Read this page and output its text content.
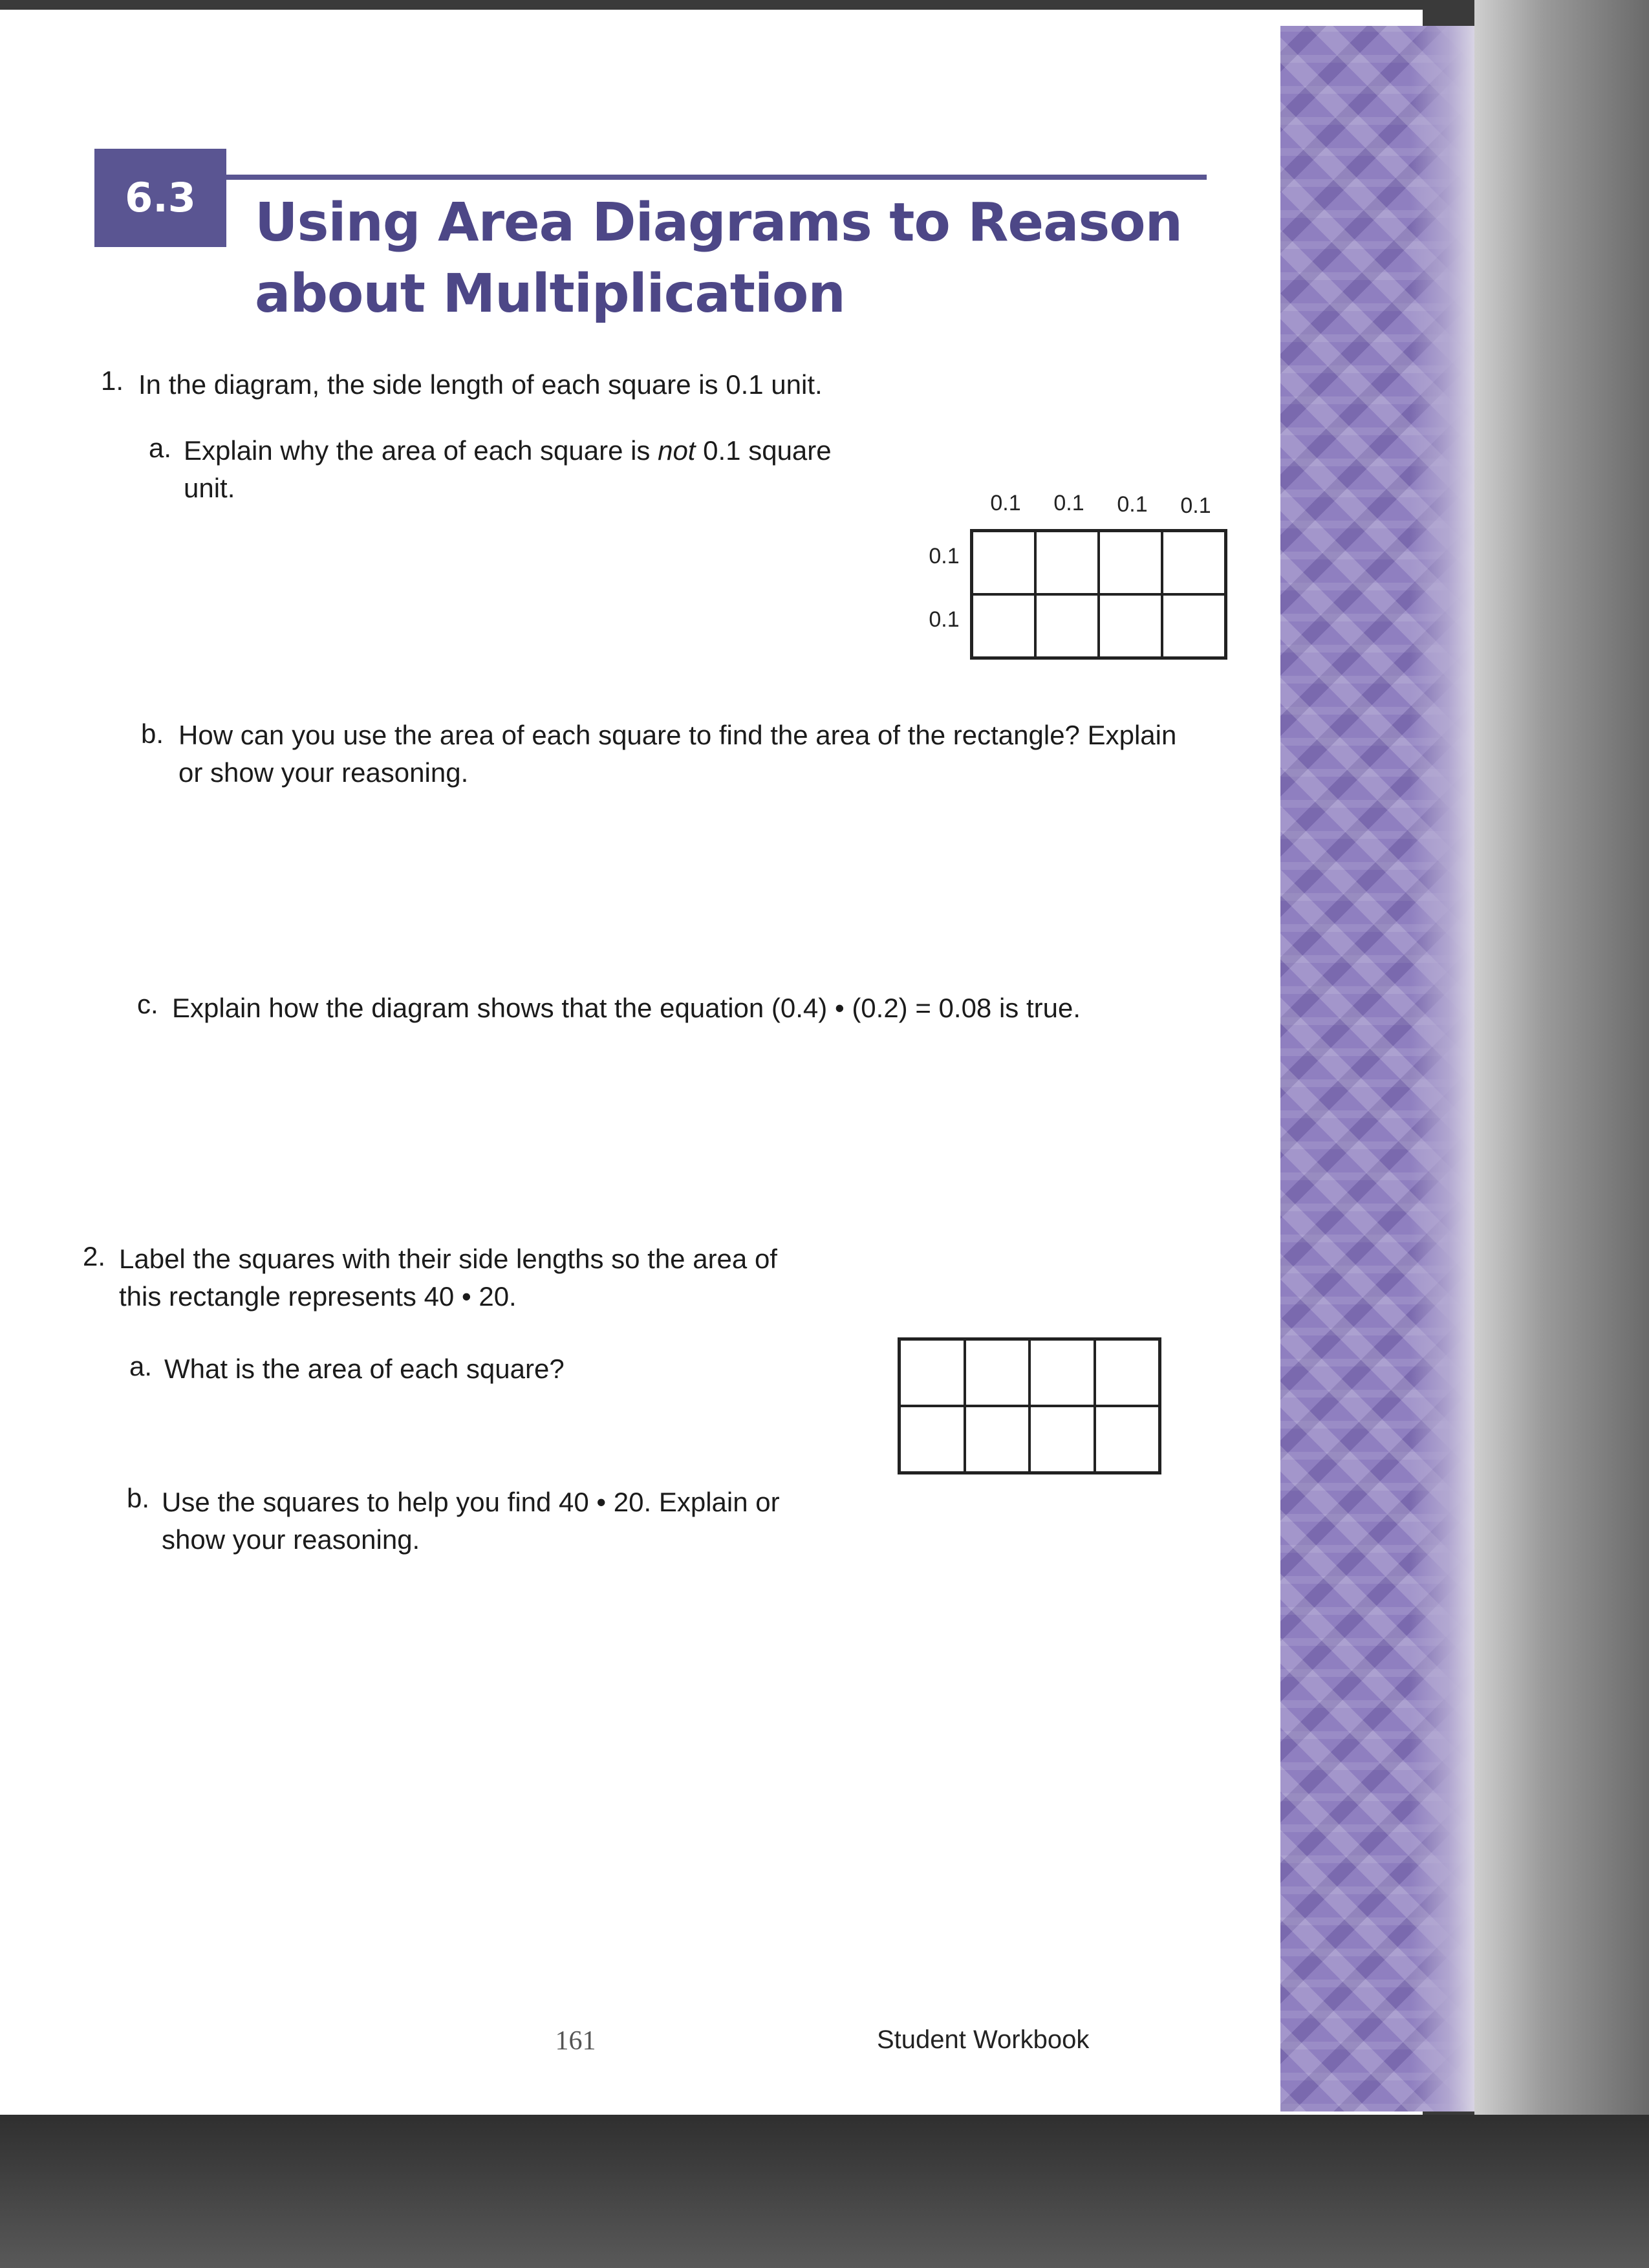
6.3	Using Area Diagrams to Reason about Multiplication
1. In the diagram, the side length of each square is 0.1 unit.
a. Explain why the area of each square is not 0.1 square unit.	0.1	0.1	0.1	0.1
0.1
0.1
b. How can you use the area of each square to find the area of the rectangle? Explain or show your reasoning.
c. Explain how the diagram shows that the equation (0.4) • (0.2) = 0.08 is true.
2. Label the squares with their side lengths so the area of this rectangle represents 40 • 20.
a. What is the area of each square?
b. Use the squares to help you find 40 • 20. Explain or show your reasoning.
161	Student Workbook
